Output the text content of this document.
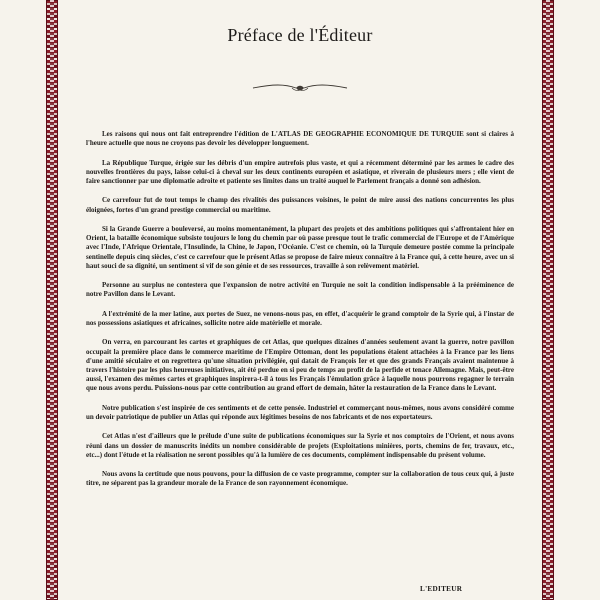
Préface de l'Éditeur

Les raisons qui nous ont fait entreprendre l'édition de L'ATLAS DE GEOGRAPHIE ECONOMIQUE DE TURQUIE sont si claires à l'heure actuelle que nous ne croyons pas devoir les développer longuement.

La République Turque, érigée sur les débris d'un empire autrefois plus vaste, et qui a récemment déterminé par les armes le cadre des nouvelles frontières du pays, laisse celui-ci à cheval sur les deux continents européen et asiatique, et riverain de plusieurs mers ; elle vient de faire sanctionner par une diplomatie adroite et patiente ses limites dans un traité auquel le Parlement français a donné son adhésion.

Ce carrefour fut de tout temps le champ des rivalités des puissances voisines, le point de mire aussi des nations concurrentes les plus éloignées, fortes d'un grand prestige commercial ou maritime.

Si la Grande Guerre a bouleversé, au moins momentanément, la plupart des projets et des ambitions politiques qui s'affrontaient hier en Orient, la bataille économique subsiste toujours le long du chemin par où passe presque tout le trafic commercial de l'Europe et de l'Amérique avec l'Inde, l'Afrique Orientale, l'Insulinde, la Chine, le Japon, l'Océanie. C'est ce chemin, où la Turquie demeure postée comme la principale sentinelle depuis cinq siècles, c'est ce carrefour que le présent Atlas se propose de faire mieux connaître à la France qui, à cette heure, avec un si haut souci de sa dignité, un sentiment si vif de son génie et de ses ressources, travaille à son relèvement matériel.

Personne au surplus ne contestera que l'expansion de notre activité en Turquie ne soit la condition indispensable à la prééminence de notre Pavillon dans le Levant.

A l'extrémité de la mer latine, aux portes de Suez, ne venons-nous pas, en effet, d'acquérir le grand comptoir de la Syrie qui, à l'instar de nos possessions asiatiques et africaines, sollicite notre aide matérielle et morale.

On verra, en parcourant les cartes et graphiques de cet Atlas, que quelques dizaines d'années seulement avant la guerre, notre pavillon occupait la première place dans le commerce maritime de l'Empire Ottoman, dont les populations étaient attachées à la France par les liens d'une amitié séculaire et on regrettera qu'une situation privilégiée, qui datait de François Ier et que des grands Français avaient maintenue à travers l'histoire par les plus heureuses initiatives, ait été perdue en si peu de temps au profit de la perfide et tenace Allemagne. Mais, peut-être aussi, l'examen des mêmes cartes et graphiques inspirera-t-il à tous les Français l'émulation grâce à laquelle nous pourrons regagner le terrain que nous avons perdu. Puissions-nous par cette contribution au grand effort de demain, hâter la restauration de la France dans le Levant.

Notre publication s'est inspirée de ces sentiments et de cette pensée. Industriel et commerçant nous-mêmes, nous avons considéré comme un devoir patriotique de publier un Atlas qui réponde aux légitimes besoins de nos fabricants et de nos exportateurs.

Cet Atlas n'est d'ailleurs que le prélude d'une suite de publications économiques sur la Syrie et nos comptoirs de l'Orient, et nous avons réuni dans un dossier de manuscrits inédits un nombre considérable de projets (Exploitations minières, ports, chemins de fer, travaux, etc., etc...) dont l'étude et la réalisation ne seront possibles qu'à la lumière de ces documents, complément indispensable du présent volume.

Nous avons la certitude que nous pouvons, pour la diffusion de ce vaste programme, compter sur la collaboration de tous ceux qui, à juste titre, ne séparent pas la grandeur morale de la France de son rayonnement économique.

L'EDITEUR
